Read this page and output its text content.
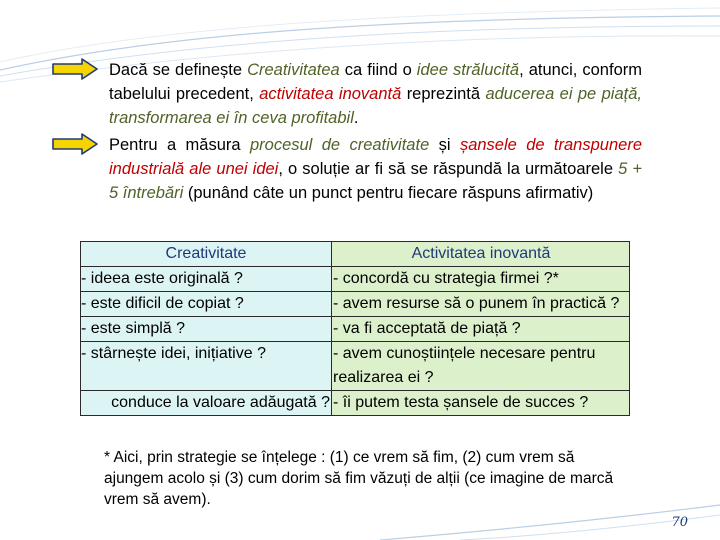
Dacă se definește Creativitatea ca fiind o idee strălucită, atunci, conform tabelului precedent, activitatea inovantă reprezintă aducerea ei pe piață, transformarea ei în ceva profitabil.
Pentru a măsura procesul de creativitate și șansele de transpunere industrială ale unei idei, o soluție ar fi să se răspundă la următoarele 5 + 5 întrebări (punând câte un punct pentru fiecare răspuns afirmativ)
Creativitate	Activitatea inovantă
- ideea este originală ?	- concordă cu strategia firmei ?*
- este dificil de copiat ?	- avem resurse să o punem în practică ?
- este simplă ?	- va fi acceptată de piață ?
- stârnește idei, inițiative ?	- avem cunoștiințele necesare pentru realizarea ei ?
conduce la valoare adăugată ?	- îi putem testa șansele de succes ?
* Aici, prin strategie se înțelege : (1) ce vrem să fim, (2) cum vrem să ajungem acolo și (3) cum dorim să fim văzuți de alții (ce imagine de marcă vrem să avem).
70
